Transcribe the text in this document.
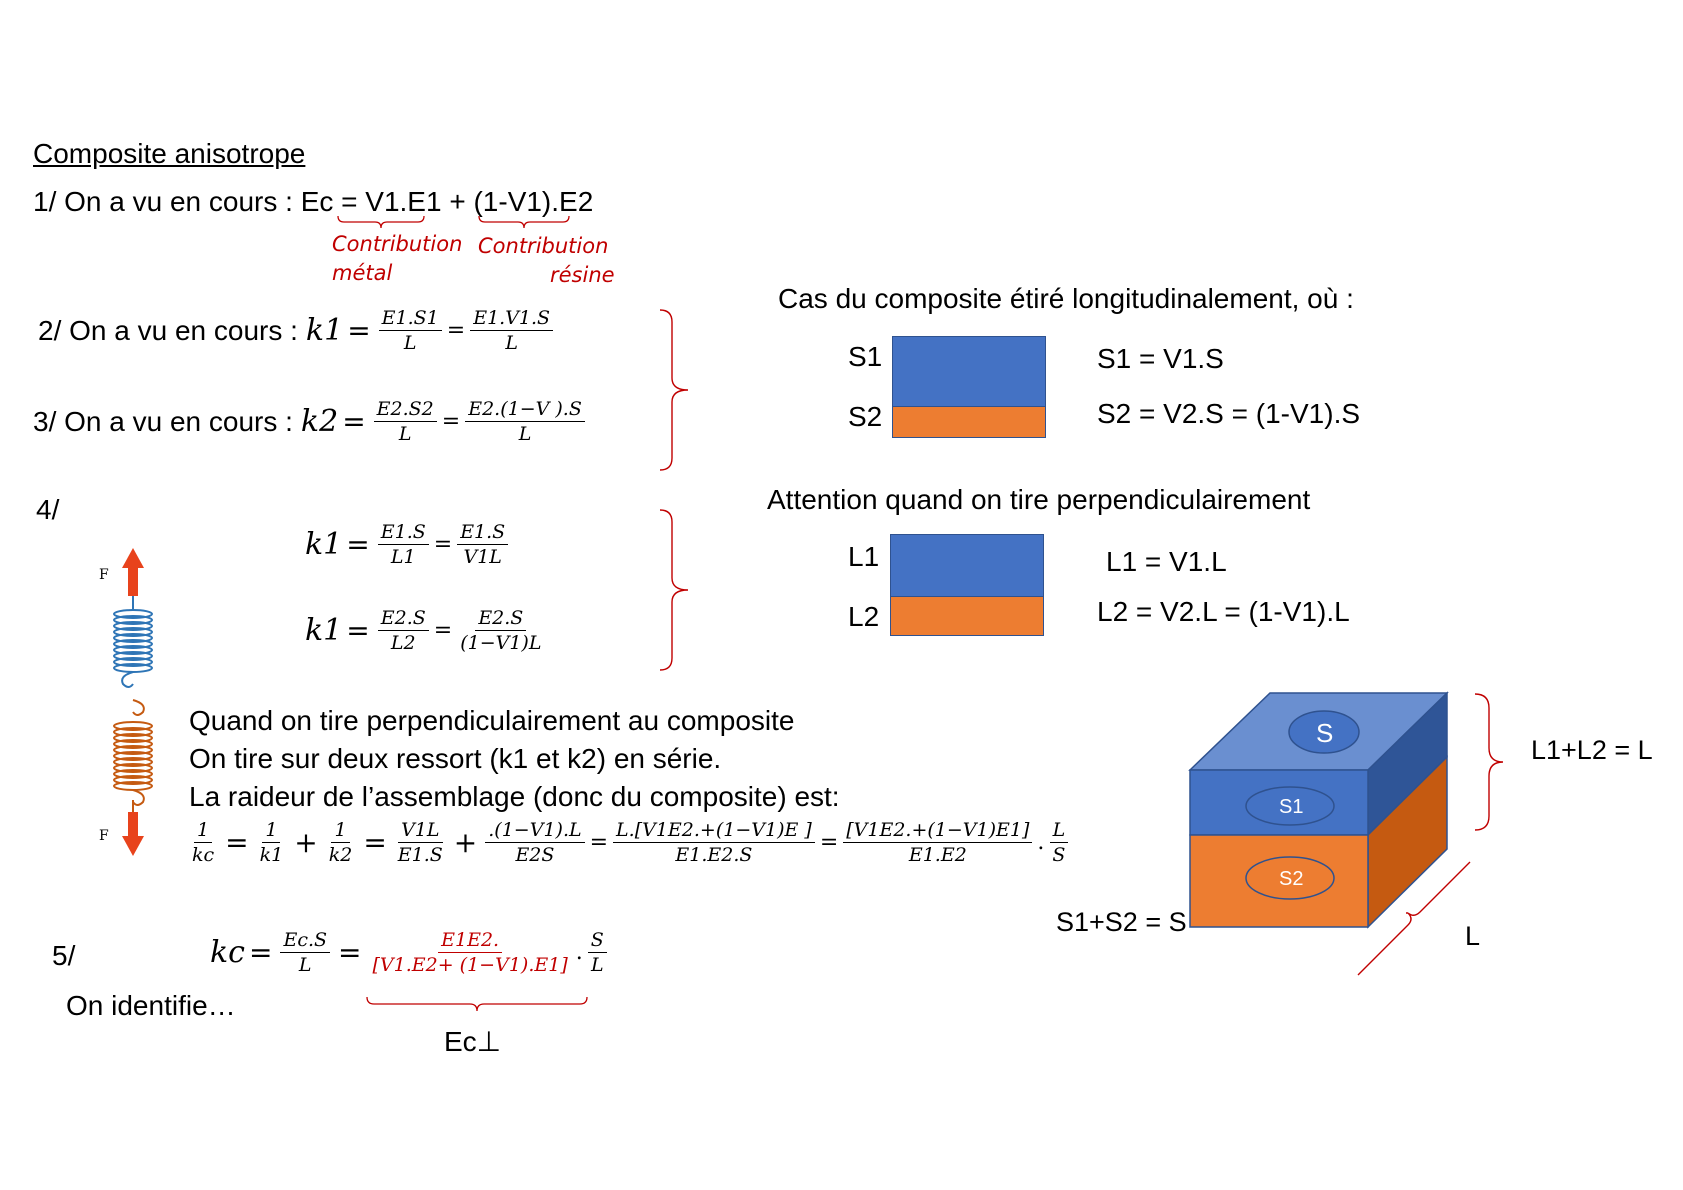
Composite anisotrope
1/ On a vu en cours : Ec = V1.E1 + (1-V1).E2
Contribution
métal
Contribution
résine
2/ On a vu en cours : $k1 = \frac{E1.S1}{L} = \frac{E1.V1.S}{L}$
3/ On a vu en cours : $k2 = \frac{E2.S2}{L} = \frac{E2.(1-V ).S}{L}$
4/
$k1 = \frac{E1.S}{L1} = \frac{E1.S}{V1L}$
$k1 = \frac{E2.S}{L2} = \frac{E2.S}{(1-V1)L}$
F
F
Quand on tire perpendiculairement au composite
On tire sur deux ressort (k1 et k2) en série.
La raideur de l’assemblage (donc du composite) est:
$\frac{1}{kc} = \frac{1}{k1} + \frac{1}{k2} = \frac{V1L}{E1.S} + \frac{.(1-V1).L}{E2S} = \frac{L.[V1E2.+(1-V1)E ]}{E1.E2.S} = \frac{[V1E2.+(1-V1)E1]}{E1.E2}$ . L
S
5/	kc = $\frac{Ec.S}{L} = \frac{E1E2.}{[V1.E2+ (1-V1).E1]}$ . S
L
On identifie…
Ec⊥
Cas du composite étiré longitudinalement, où :
S1
S2
S1 = V1.S
S2 = V2.S = (1-V1).S
Attention quand on tire perpendiculairement
L1
L2
L1 = V1.L
L2 = V2.L = (1-V1).L
S
S1
S2
L1+L2 = L
S1+S2 = S	L
